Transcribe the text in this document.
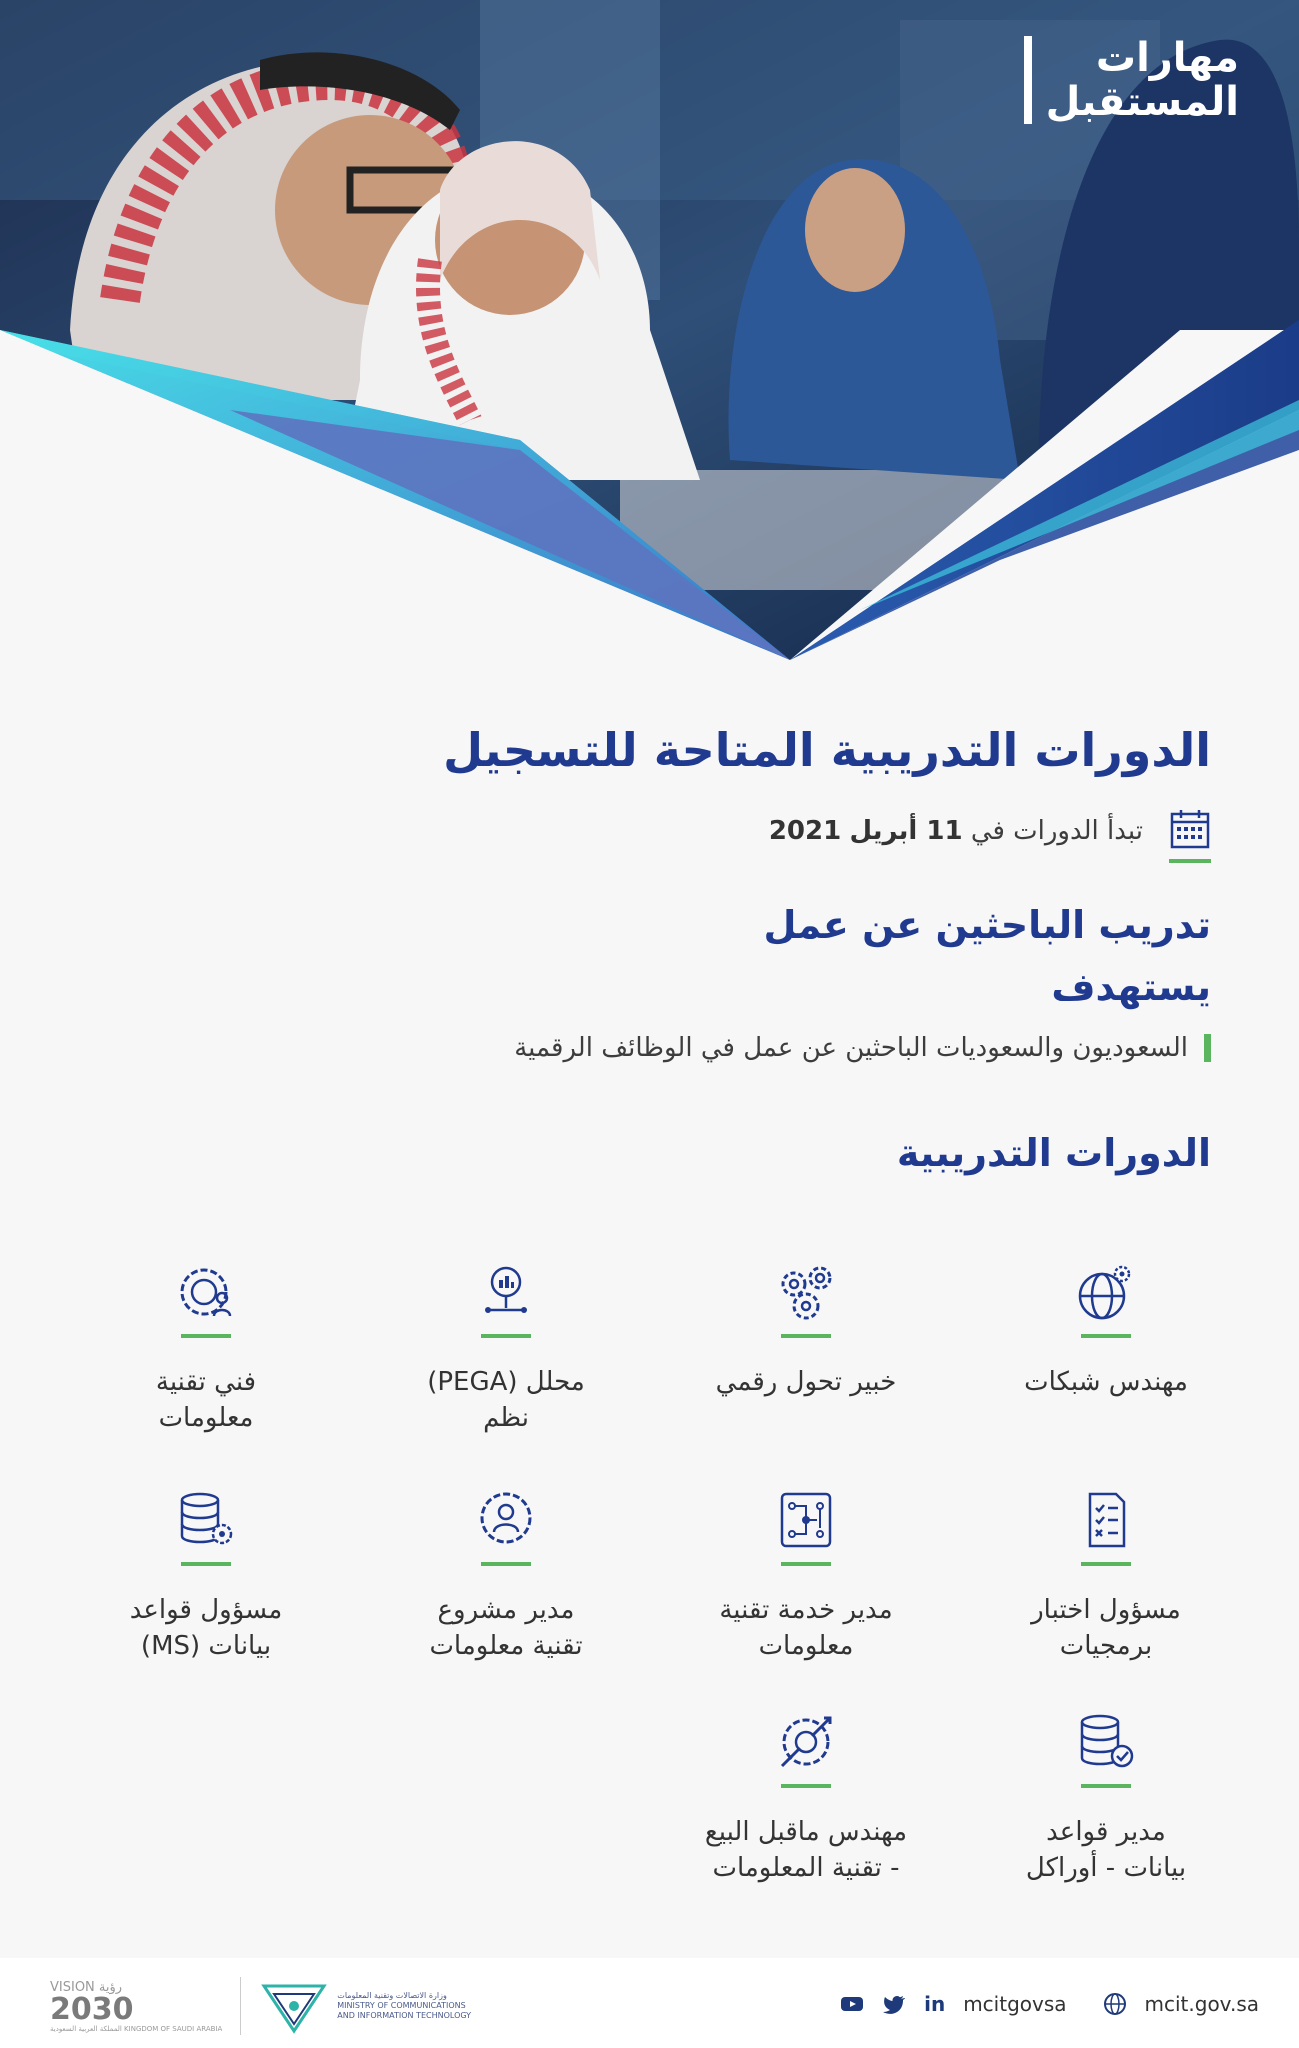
مهارات
المستقبل
الدورات التدريبية المتاحة للتسجيل
تبدأ الدورات في 11 أبريل 2021
تدريب الباحثين عن عمل
يستهدف
السعوديون والسعوديات الباحثين عن عمل في الوظائف الرقمية
الدورات التدريبية
مهندس شبكات
خبير تحول رقمي
محلل (PEGA)
نظم
فني تقنية
معلومات
مسؤول اختبار
برمجيات
مدير خدمة تقنية
معلومات
مدير مشروع
تقنية معلومات
مسؤول قواعد
بيانات (MS)
مدير قواعد
بيانات - أوراكل
مهندس ماقبل البيع
- تقنية المعلومات
in mcitgovsa	mcit.gov.sa
VISION رؤية
2030
المملكة العربية السعودية KINGDOM OF SAUDI ARABIA
وزارة الاتصالات وتقنية المعلومات
MINISTRY OF COMMUNICATIONS
AND INFORMATION TECHNOLOGY
